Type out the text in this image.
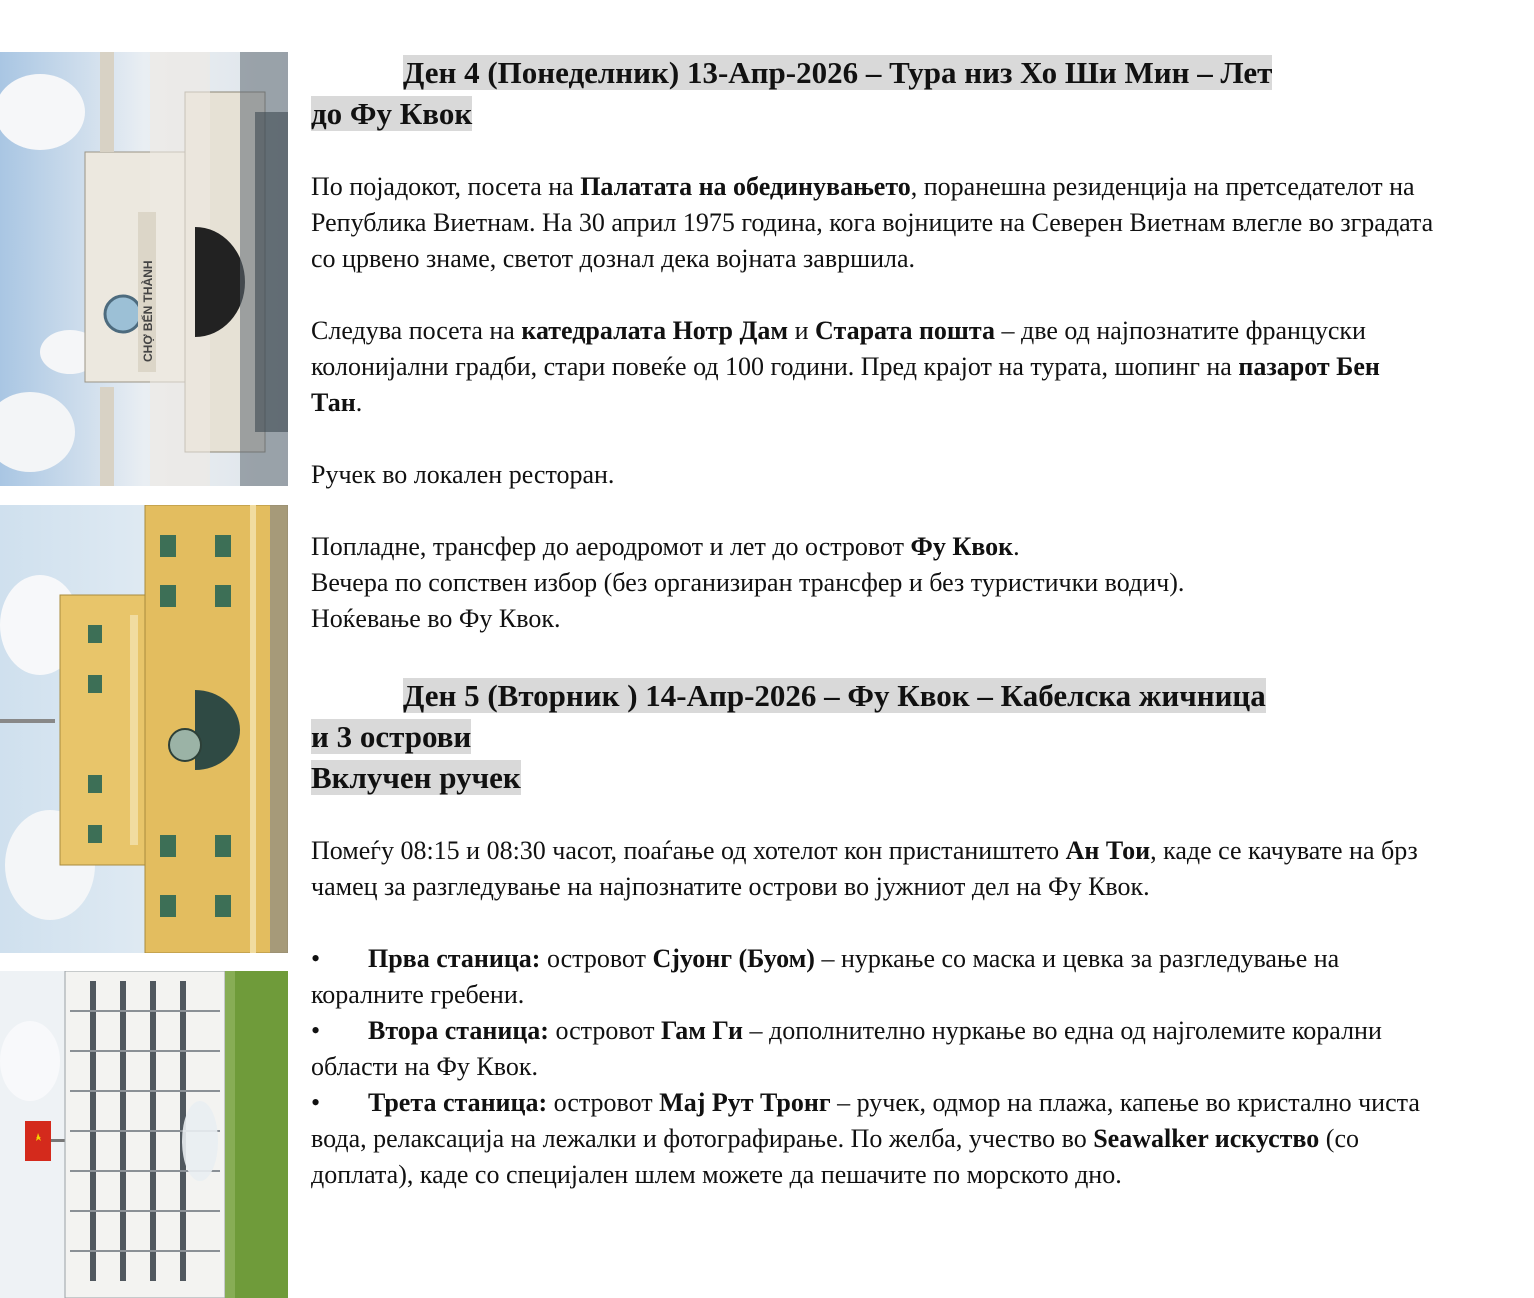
CHỢ BẾN THÀNH
Ден 4 (Понеделник) 13-Апр-2026 – Тура низ Хо Ши Мин – Лет
до Фу Квок

По појадокот, посета на Палатата на обединувањето, поранешна резиденција на претседателот на Република Виетнам. На 30 април 1975 година, кога војниците на Северен Виетнам влегле во зградата со црвено знаме, светот дознал дека војната завршила.

Следува посета на катедралата Нотр Дам и Старата пошта – две од најпознатите француски колонијални градби, стари повеќе од 100 години. Пред крајот на турата, шопинг на пазарот Бен Тан.

Ручек во локален ресторан.

Попладне, трансфер до аеродромот и лет до островот Фу Квок.

Вечера по сопствен избор (без организиран трансфер и без туристички водич).

Ноќевање во Фу Квок.

Ден 5 (Вторник ) 14-Апр-2026 – Фу Квок – Кабелска жичница
и 3 острови
Вклучен ручек

Помеѓу 08:15 и 08:30 часот, поаѓање од хотелот кон пристаништето Ан Тои, каде се качувате на брз чамец за разгледување на најпознатите острови во јужниот дел на Фу Квок.

• Прва станица: островот Сјуонг (Буом) – нуркање со маска и цевка за разгледување на коралните гребени.
• Втора станица: островот Гам Ги – дополнително нуркање во една од најголемите корални области на Фу Квок.
• Трета станица: островот Мај Рут Тронг – ручек, одмор на плажа, капење во кристално чиста вода, релаксација на лежалки и фотографирање. По желба, учество во Seawalker искуство (со доплата), каде со специјален шлем можете да пешачите по морското дно.
